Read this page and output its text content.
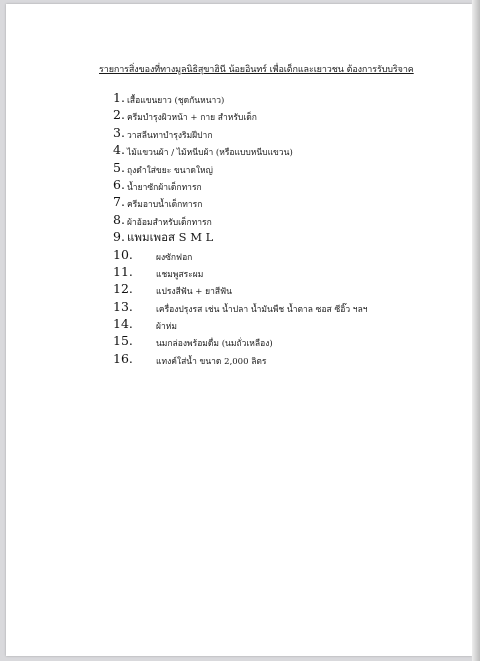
รายการสิ่งของที่ทางมูลนิธิสุขาฮินี น้อยอินทร์ เพื่อเด็กและเยาวชน ต้องการรับบริจาค
1. เสื้อแขนยาว (ชุดกันหนาว)
2. ครีมบำรุงผิวหน้า + กาย สำหรับเด็ก
3. วาสลีนทาบำรุงริมฝีปาก
4. ไม้แขวนผ้า / ไม้หนีบผ้า (หรือแบบหนีบแขวน)
5. ถุงดำใส่ขยะ ขนาดใหญ่
6. น้ำยาซักผ้าเด็กทารก
7. ครีมอาบน้ำเด็กทารก
8. ผ้าอ้อมสำหรับเด็กทารก
9. แพมเพอส S M L
10.	ผงซักฟอก
11.	แชมพูสระผม
12.	แปรงสีฟัน + ยาสีฟัน
13.	เครื่องปรุงรส เช่น น้ำปลา น้ำมันพืช น้ำตาล ซอส ซีอิ๊ว ฯลฯ
14.	ผ้าห่ม
15.	นมกล่องพร้อมดื่ม (นมถั่วเหลือง)
16.	แทงค์ใส่น้ำ ขนาด 2,000 ลิตร
